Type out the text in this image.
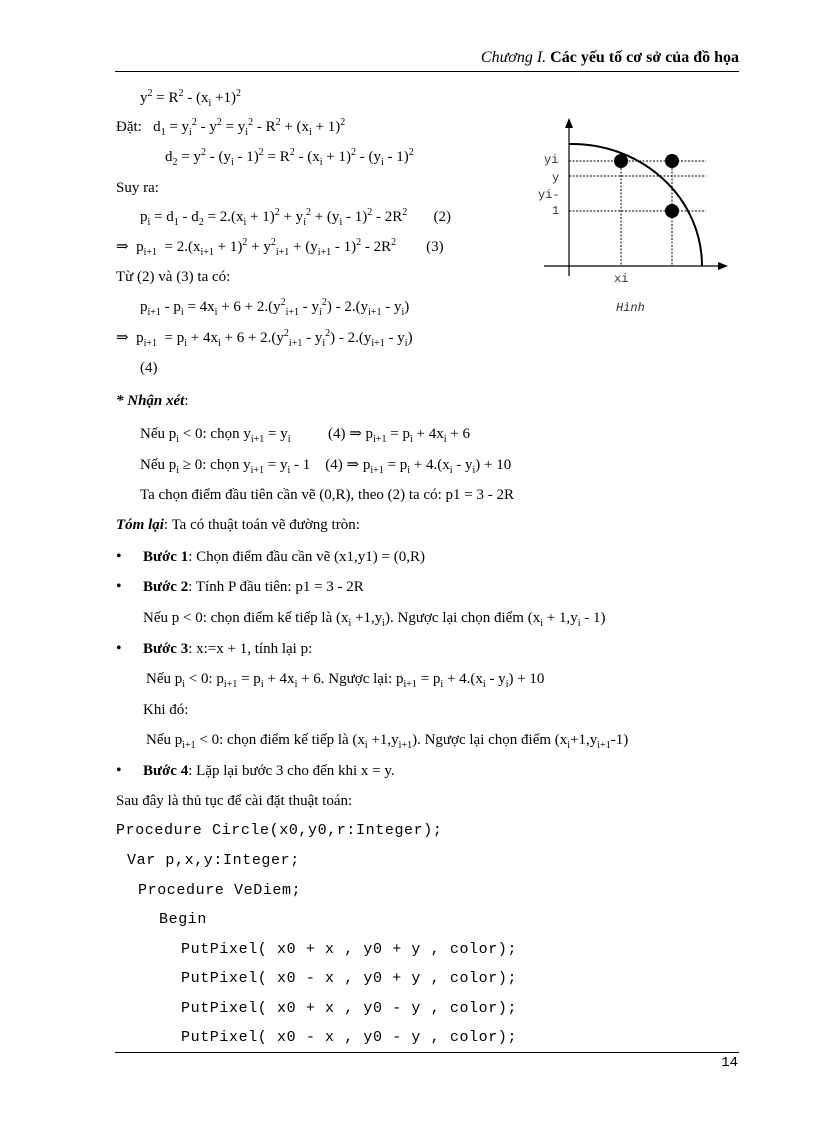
Chương I. Các yếu tố cơ sở của đồ họa
$y^2 = R^2 - (x_i +1)^2$
Đặt:   $d_1 = y_i^2 - y^2 = y_i^2 - R^2 + (x_i + 1)^2$
$d_2 = y^2 - (y_i - 1)^2 = R^2 - (x_i + 1)^2 - (y_i - 1)^2$
Suy ra:
$p_i = d_1 - d_2 = 2.(x_i + 1)^2 + y_i^2 + (y_i - 1)^2 - 2R^2$       (2)
⇒  $p_{i+1} = 2.(x_{i+1} + 1)^2 + y^2_{i+1} + (y_{i+1} - 1)^2 - 2R^2$        (3)
Từ (2) và (3) ta có:
$p_{i+1} - p_i = 4x_i + 6 + 2.(y^2_{i+1} - y_i^2) - 2.(y_{i+1} - y_i)$
⇒  $p_{i+1} = p_i + 4x_i + 6 + 2.(y^2_{i+1} - y_i^2) - 2.(y_{i+1} - y_i)$
(4)
* Nhận xét:
Nếu $p_i < 0$: chọn $y_{i+1} = y_i$          (4) ⇒ $p_{i+1} = p_i + 4x_i + 6$
Nếu $p_i \ge 0$: chọn $y_{i+1} = y_i - 1$    (4) ⇒ $p_{i+1} = p_i + 4.(x_i - y_i) + 10$
Ta chọn điểm đầu tiên cần vẽ (0,R), theo (2) ta có: p1 = 3 - 2R
Tóm lại: Ta có thuật toán vẽ đường tròn:
•Bước 1: Chọn điểm đầu cần vẽ (x1,y1) = (0,R)
•Bước 2: Tính P đầu tiên: p1 = 3 - 2R
Nếu p < 0: chọn điểm kế tiếp là $(x_i +1,y_i)$. Ngược lại chọn điểm $(x_i + 1,y_i - 1)$
•Bước 3: x:=x + 1, tính lại p:
Nếu $p_i < 0$: $p_{i+1} = p_i + 4x_i + 6$. Ngược lại: $p_{i+1} = p_i + 4.(x_i - y_i) + 10$
Khi đó:
Nếu $p_{i+1} < 0$: chọn điểm kế tiếp là $(x_i +1,y_{i+1})$. Ngược lại chọn điểm $(x_i+1,y_{i+1}-1)$
•Bước 4: Lặp lại bước 3 cho đến khi x = y.
Sau đây là thủ tục để cài đặt thuật toán:
Procedure Circle(x0,y0,r:Integer);
Var p,x,y:Integer;
Procedure VeDiem;
Begin
PutPixel( x0 + x , y0 + y , color);
PutPixel( x0 - x , y0 + y , color);
PutPixel( x0 + x , y0 - y , color);
PutPixel( x0 - x , y0 - y , color);
yi
y
yi-
1
xi
Hình
14
